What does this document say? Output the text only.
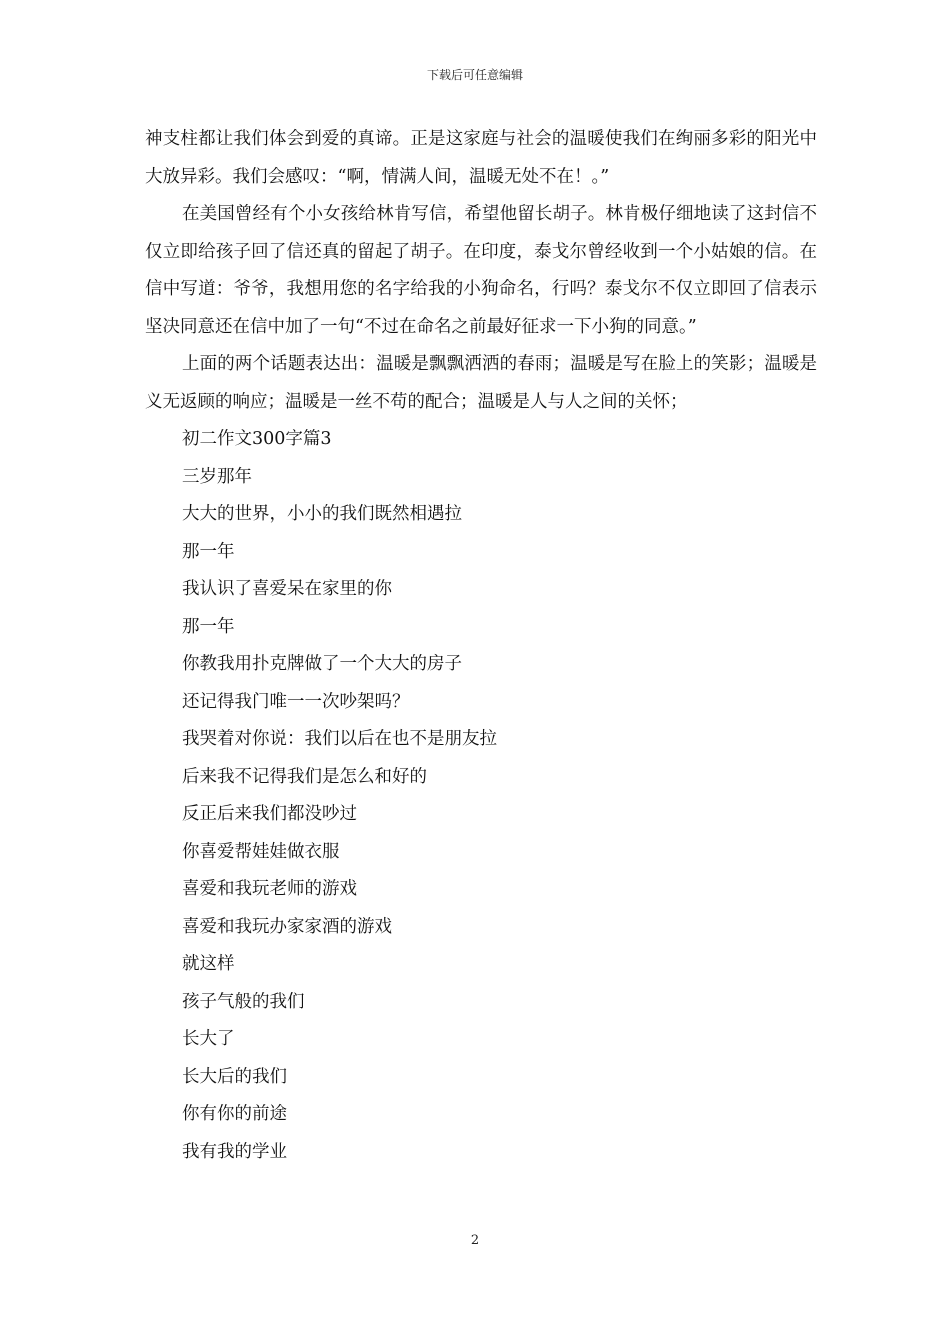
下载后可任意编辑

神支柱都让我们体会到爱的真谛。正是这家庭与社会的温暖使我们在绚丽多彩的阳光中大放异彩。我们会感叹：“啊，情满人间，温暖无处不在！。”

在美国曾经有个小女孩给林肯写信，希望他留长胡子。林肯极仔细地读了这封信不仅立即给孩子回了信还真的留起了胡子。在印度，泰戈尔曾经收到一个小姑娘的信。在信中写道：爷爷，我想用您的名字给我的小狗命名，行吗？泰戈尔不仅立即回了信表示坚决同意还在信中加了一句“不过在命名之前最好征求一下小狗的同意。”

上面的两个话题表达出：温暖是飘飘洒洒的春雨；温暖是写在脸上的笑影；温暖是义无返顾的响应；温暖是一丝不苟的配合；温暖是人与人之间的关怀；

初二作文300字篇3
三岁那年
大大的世界，小小的我们既然相遇拉
那一年
我认识了喜爱呆在家里的你
那一年
你教我用扑克牌做了一个大大的房子
还记得我门唯一一次吵架吗？
我哭着对你说：我们以后在也不是朋友拉
后来我不记得我们是怎么和好的
反正后来我们都没吵过
你喜爱帮娃娃做衣服
喜爱和我玩老师的游戏
喜爱和我玩办家家酒的游戏
就这样
孩子气般的我们
长大了
长大后的我们
你有你的前途
我有我的学业
2
